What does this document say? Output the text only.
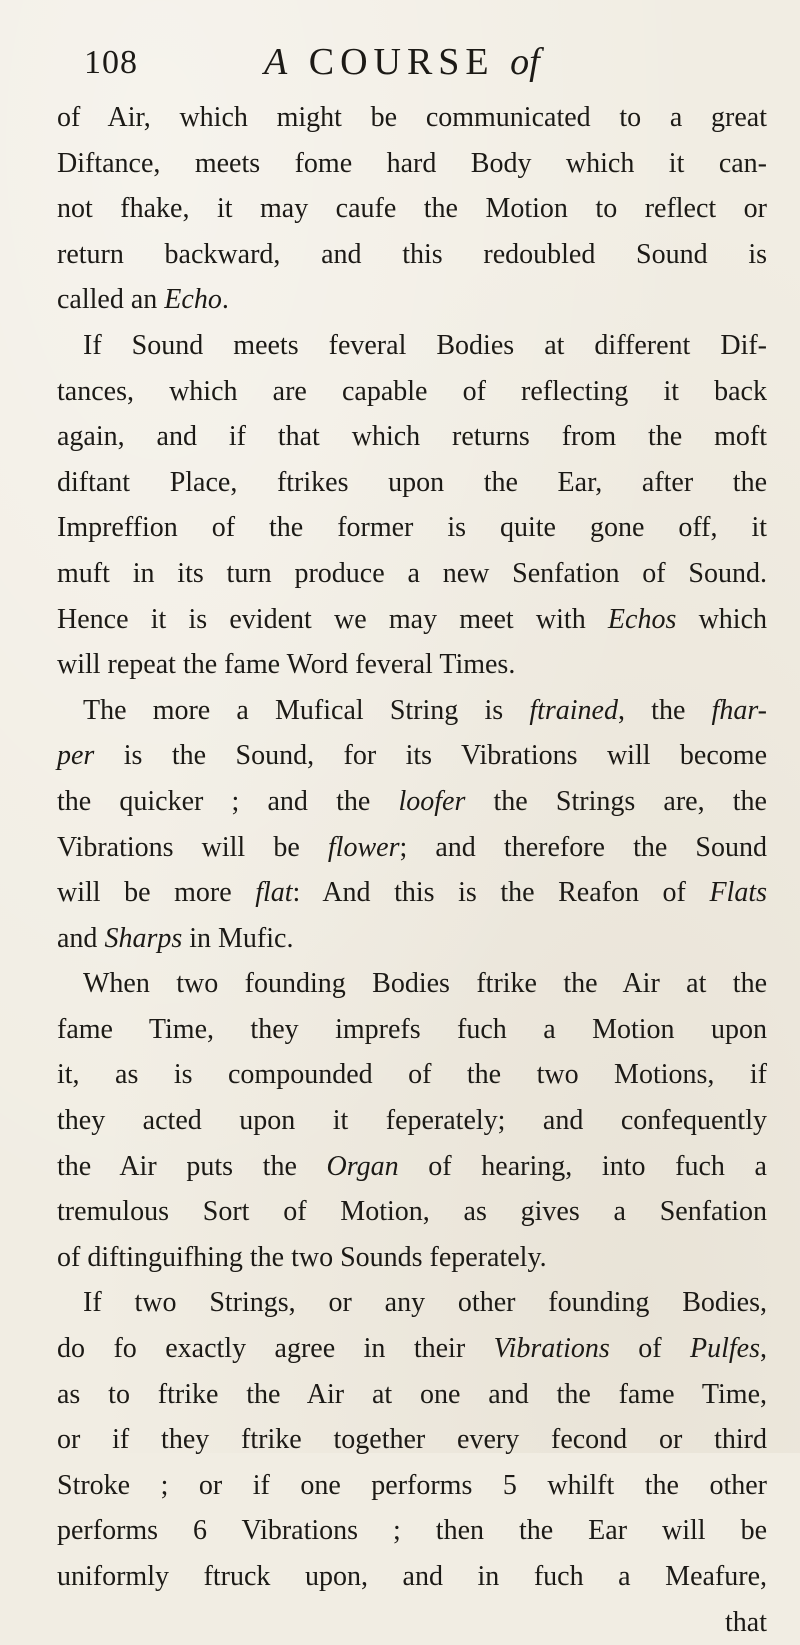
108	A COURSE of
of Air, which might be communicated to a great
Diftance, meets fome hard Body which it can-
not fhake, it may caufe the Motion to reflect or
return backward, and this redoubled Sound is
called an Echo.
If Sound meets feveral Bodies at different Dif-
tances, which are capable of reflecting it back
again, and if that which returns from the moft
diftant Place, ftrikes upon the Ear, after the
Impreffion of the former is quite gone off, it
muft in its turn produce a new Senfation of Sound.
Hence it is evident we may meet with Echos which
will repeat the fame Word feveral Times.
The more a Mufical String is ftrained, the fhar-
per is the Sound, for its Vibrations will become
the quicker ; and the loofer the Strings are, the
Vibrations will be flower; and therefore the Sound
will be more flat: And this is the Reafon of Flats
and Sharps in Mufic.
When two founding Bodies ftrike the Air at the
fame Time, they imprefs fuch a Motion upon
it, as is compounded of the two Motions, if
they acted upon it feperately; and confequently
the Air puts the Organ of hearing, into fuch a
tremulous Sort of Motion, as gives a Senfation
of diftinguifhing the two Sounds feperately.
If two Strings, or any other founding Bodies,
do fo exactly agree in their Vibrations of Pulfes,
as to ftrike the Air at one and the fame Time,
or if they ftrike together every fecond or third
Stroke ; or if one performs 5 whilft the other
performs 6 Vibrations ; then the Ear will be
uniformly ftruck upon, and in fuch a Meafure,
that
